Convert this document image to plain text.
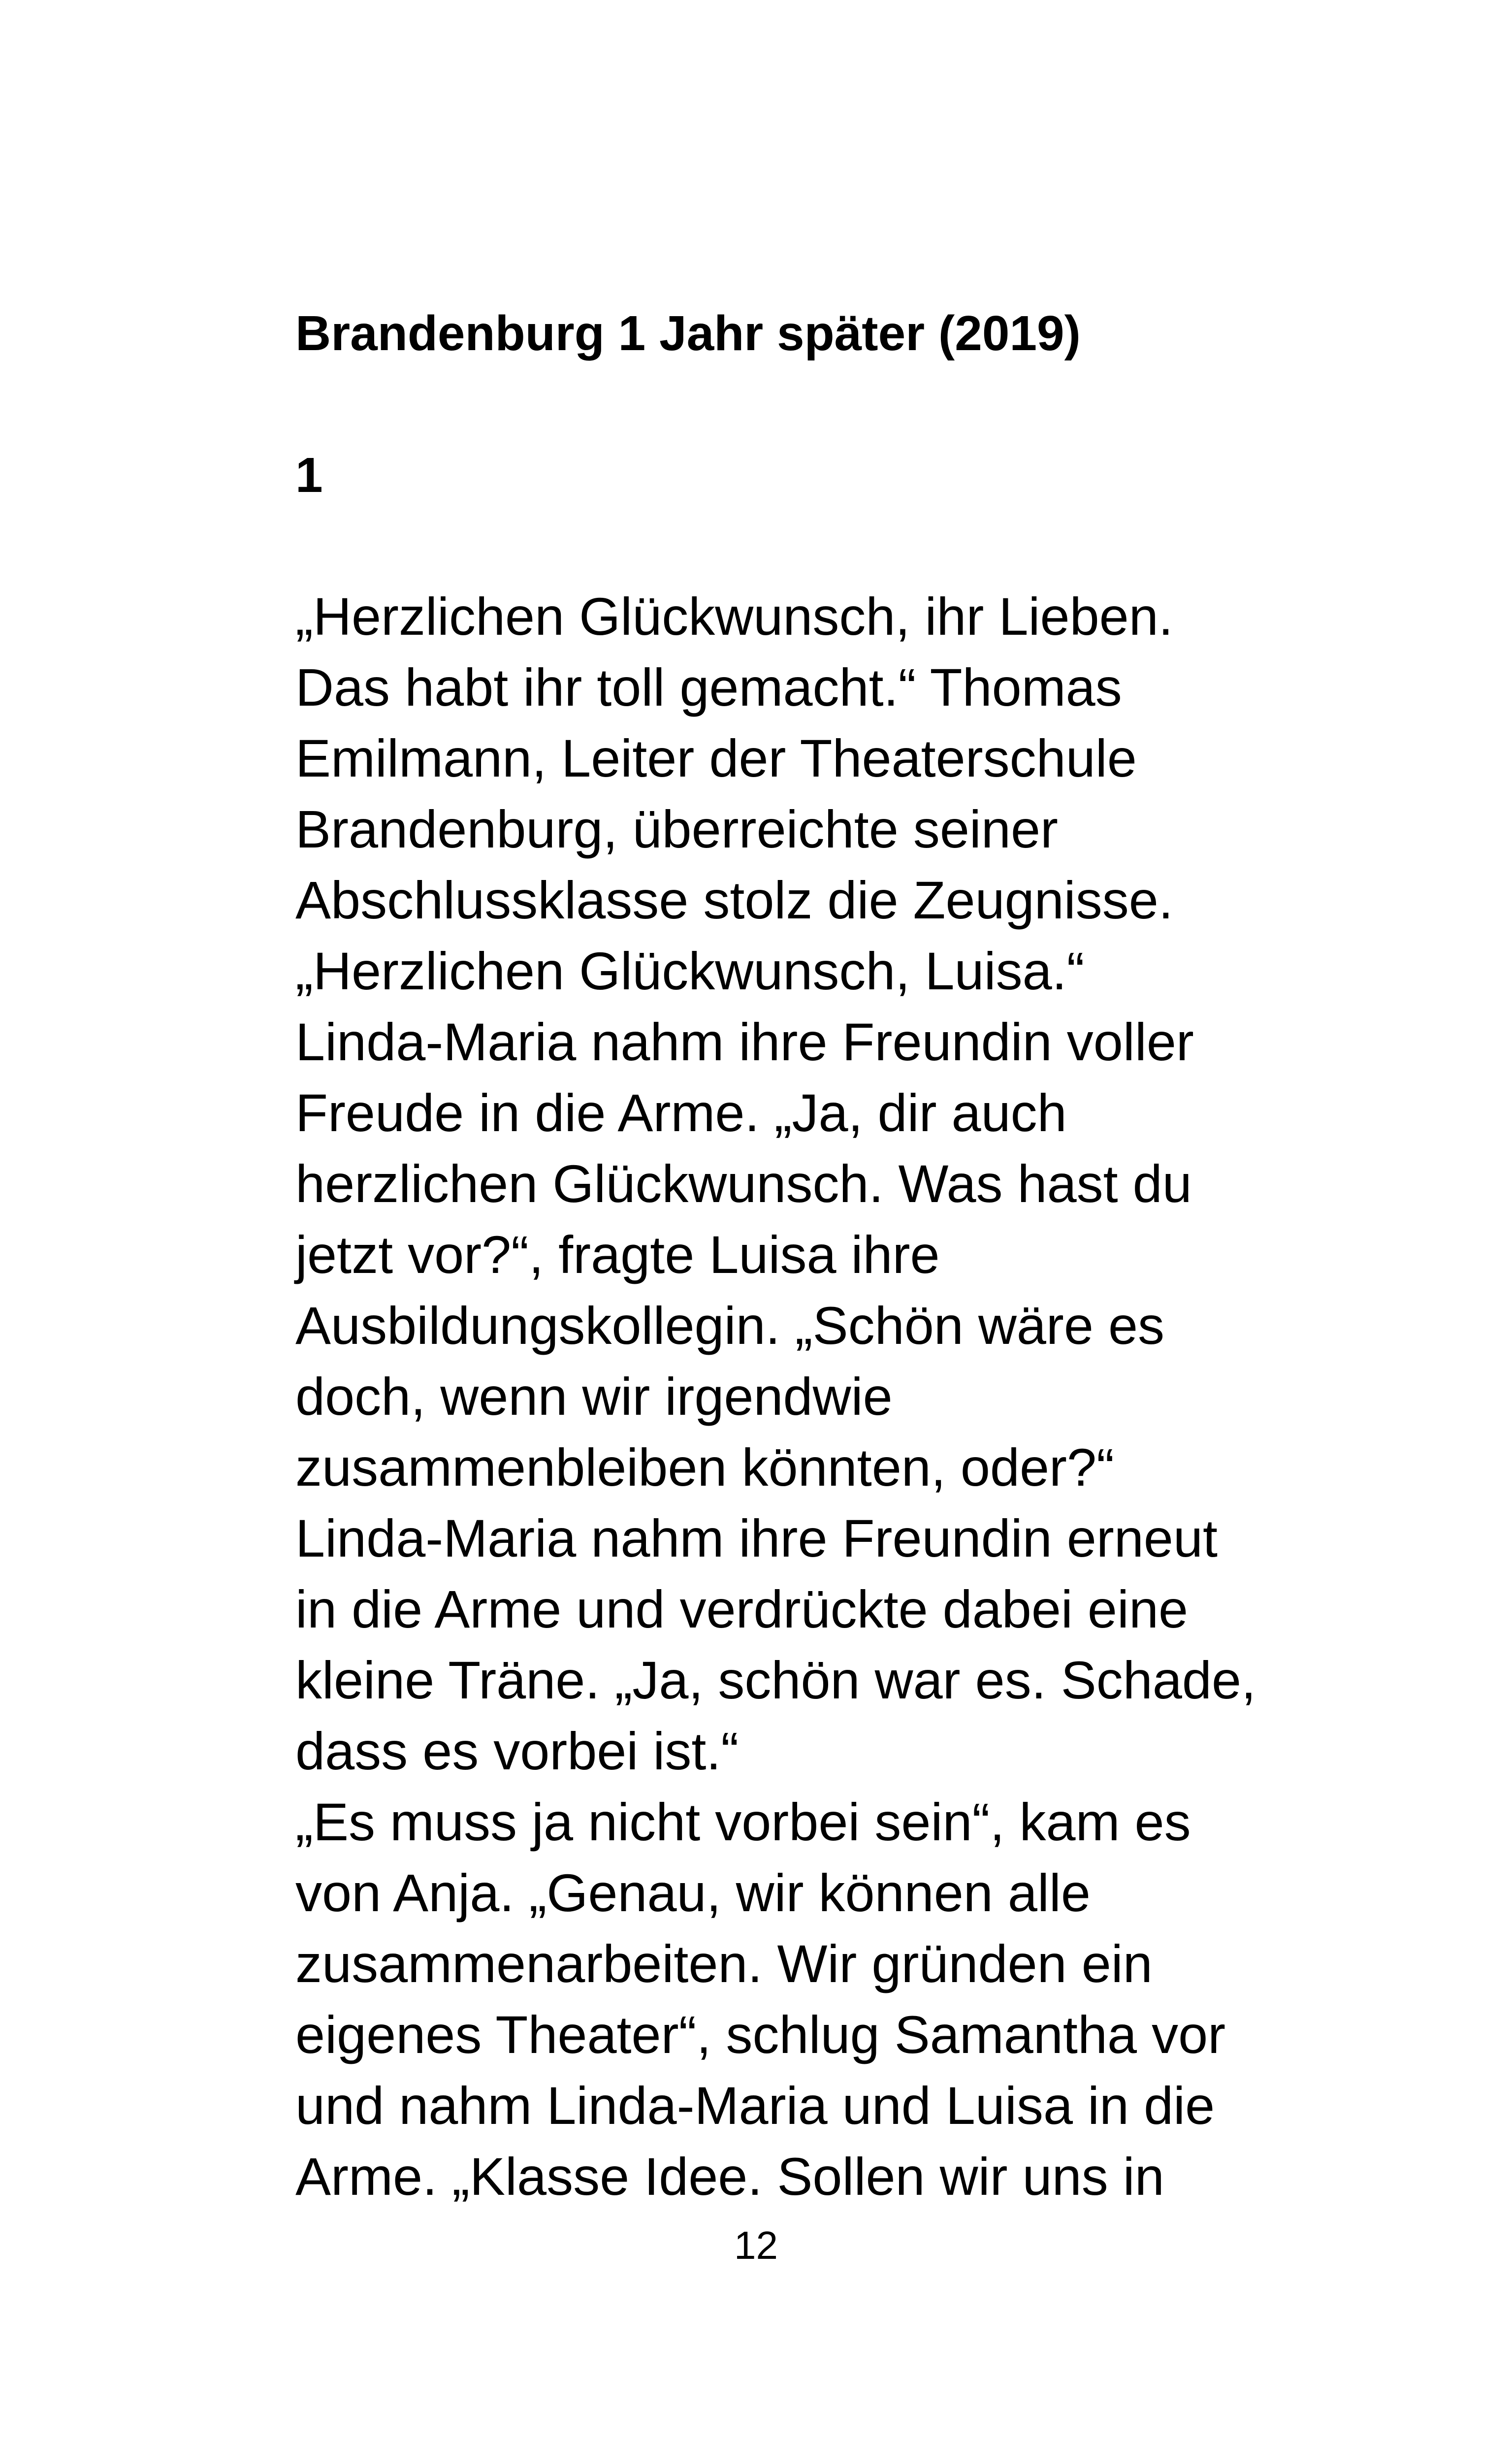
Brandenburg 1 Jahr später (2019)
1
„Herzlichen Glückwunsch, ihr Lieben.
Das habt ihr toll gemacht.“ Thomas
Emilmann, Leiter der Theaterschule
Brandenburg, überreichte seiner
Abschlussklasse stolz die Zeugnisse.
„Herzlichen Glückwunsch, Luisa.“
Linda-Maria nahm ihre Freundin voller
Freude in die Arme. „Ja, dir auch
herzlichen Glückwunsch. Was hast du
jetzt vor?“, fragte Luisa ihre
Ausbildungskollegin. „Schön wäre es
doch, wenn wir irgendwie
zusammenbleiben könnten, oder?“
Linda-Maria nahm ihre Freundin erneut
in die Arme und verdrückte dabei eine
kleine Träne. „Ja, schön war es. Schade,
dass es vorbei ist.“
„Es muss ja nicht vorbei sein“, kam es
von Anja. „Genau, wir können alle
zusammenarbeiten. Wir gründen ein
eigenes Theater“, schlug Samantha vor
und nahm Linda-Maria und Luisa in die
Arme. „Klasse Idee. Sollen wir uns in

12
